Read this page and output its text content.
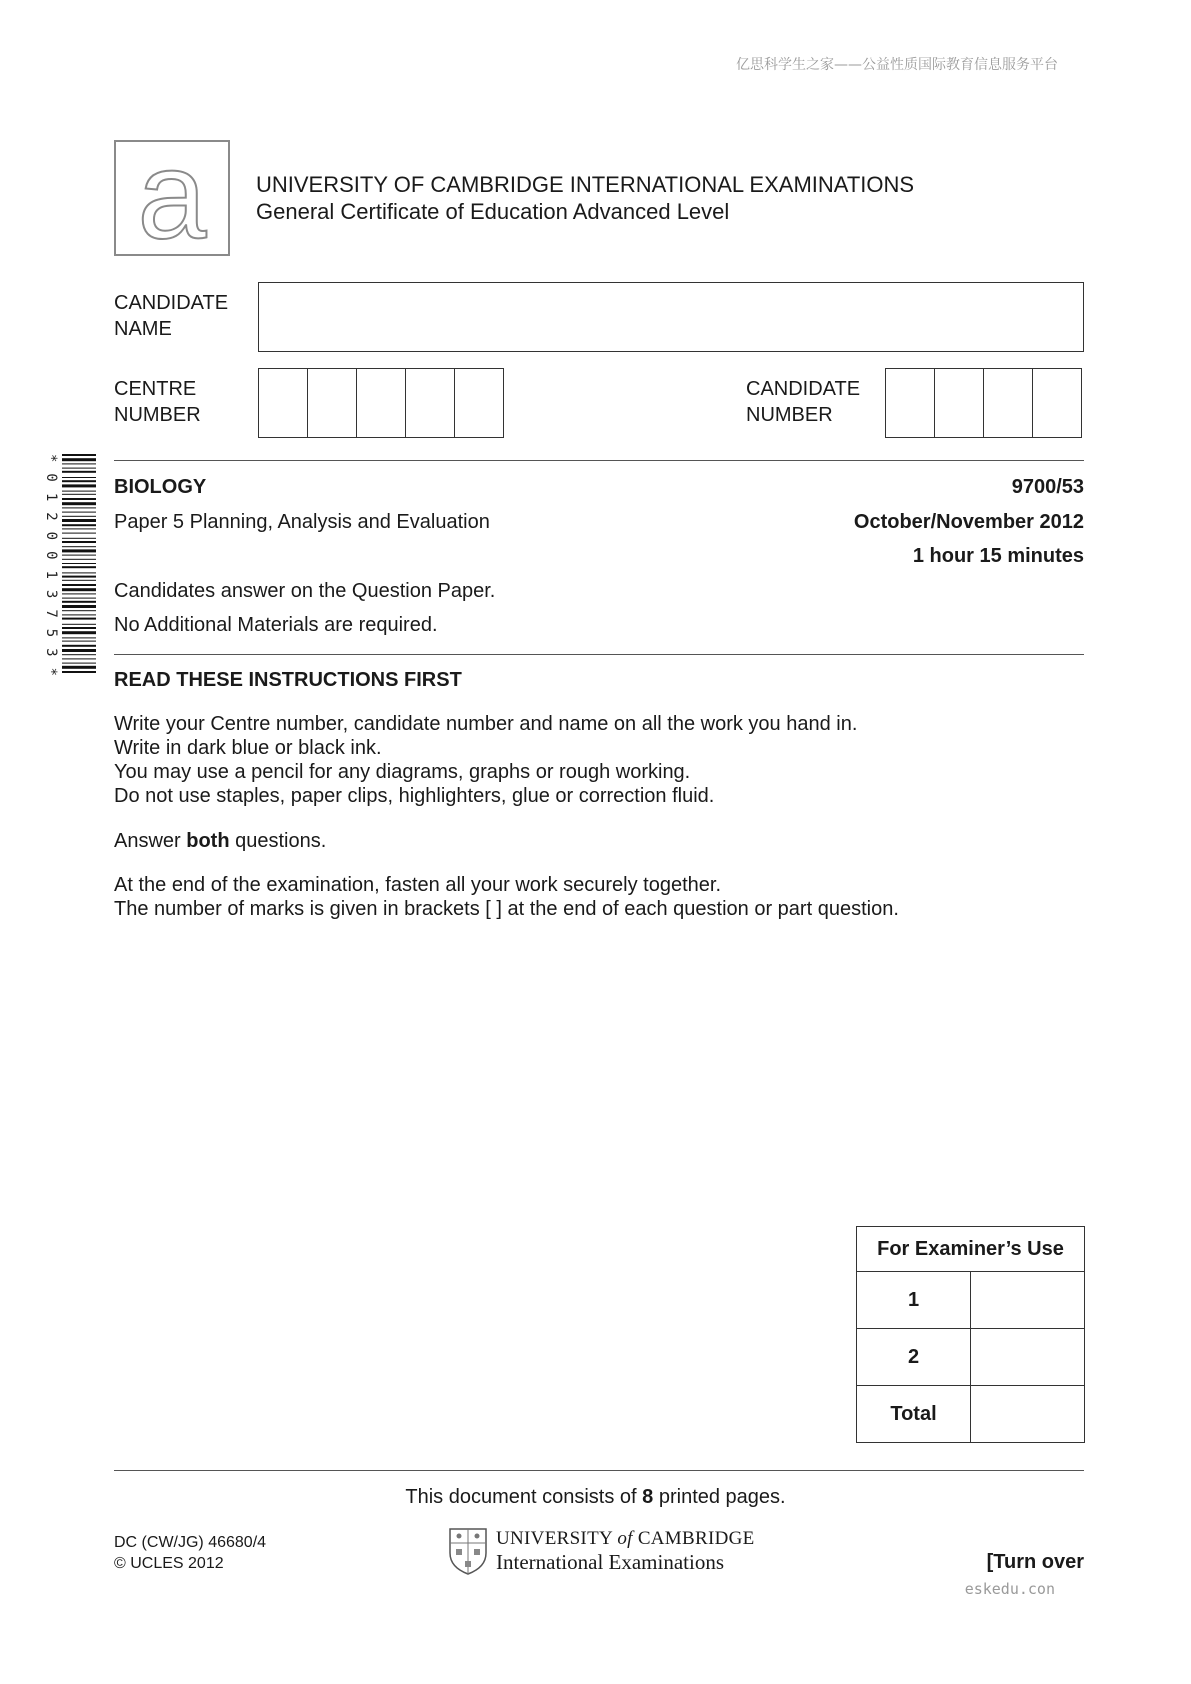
亿思科学生之家——公益性质国际教育信息服务平台
a UNIVERSITY OF CAMBRIDGE INTERNATIONAL EXAMINATIONS
General Certificate of Education Advanced Level
CANDIDATE
NAME
CENTRE
NUMBER
CANDIDATE
NUMBER
*0120013753*
BIOLOGY	9700/53
Paper 5 Planning, Analysis and Evaluation	October/November 2012
1 hour 15 minutes
Candidates answer on the Question Paper.
No Additional Materials are required.
READ THESE INSTRUCTIONS FIRST
Write your Centre number, candidate number and name on all the work you hand in.
Write in dark blue or black ink.
You may use a pencil for any diagrams, graphs or rough working.
Do not use staples, paper clips, highlighters, glue or correction fluid.
Answer both questions.
At the end of the examination, fasten all your work securely together.
The number of marks is given in brackets [ ] at the end of each question or part question.
For Examiner’s Use	
1	
2	
Total	
This document consists of 8 printed pages.
DC (CW/JG) 46680/4
© UCLES 2012
UNIVERSITY of CAMBRIDGE
International Examinations	[Turn over
eskedu.con
